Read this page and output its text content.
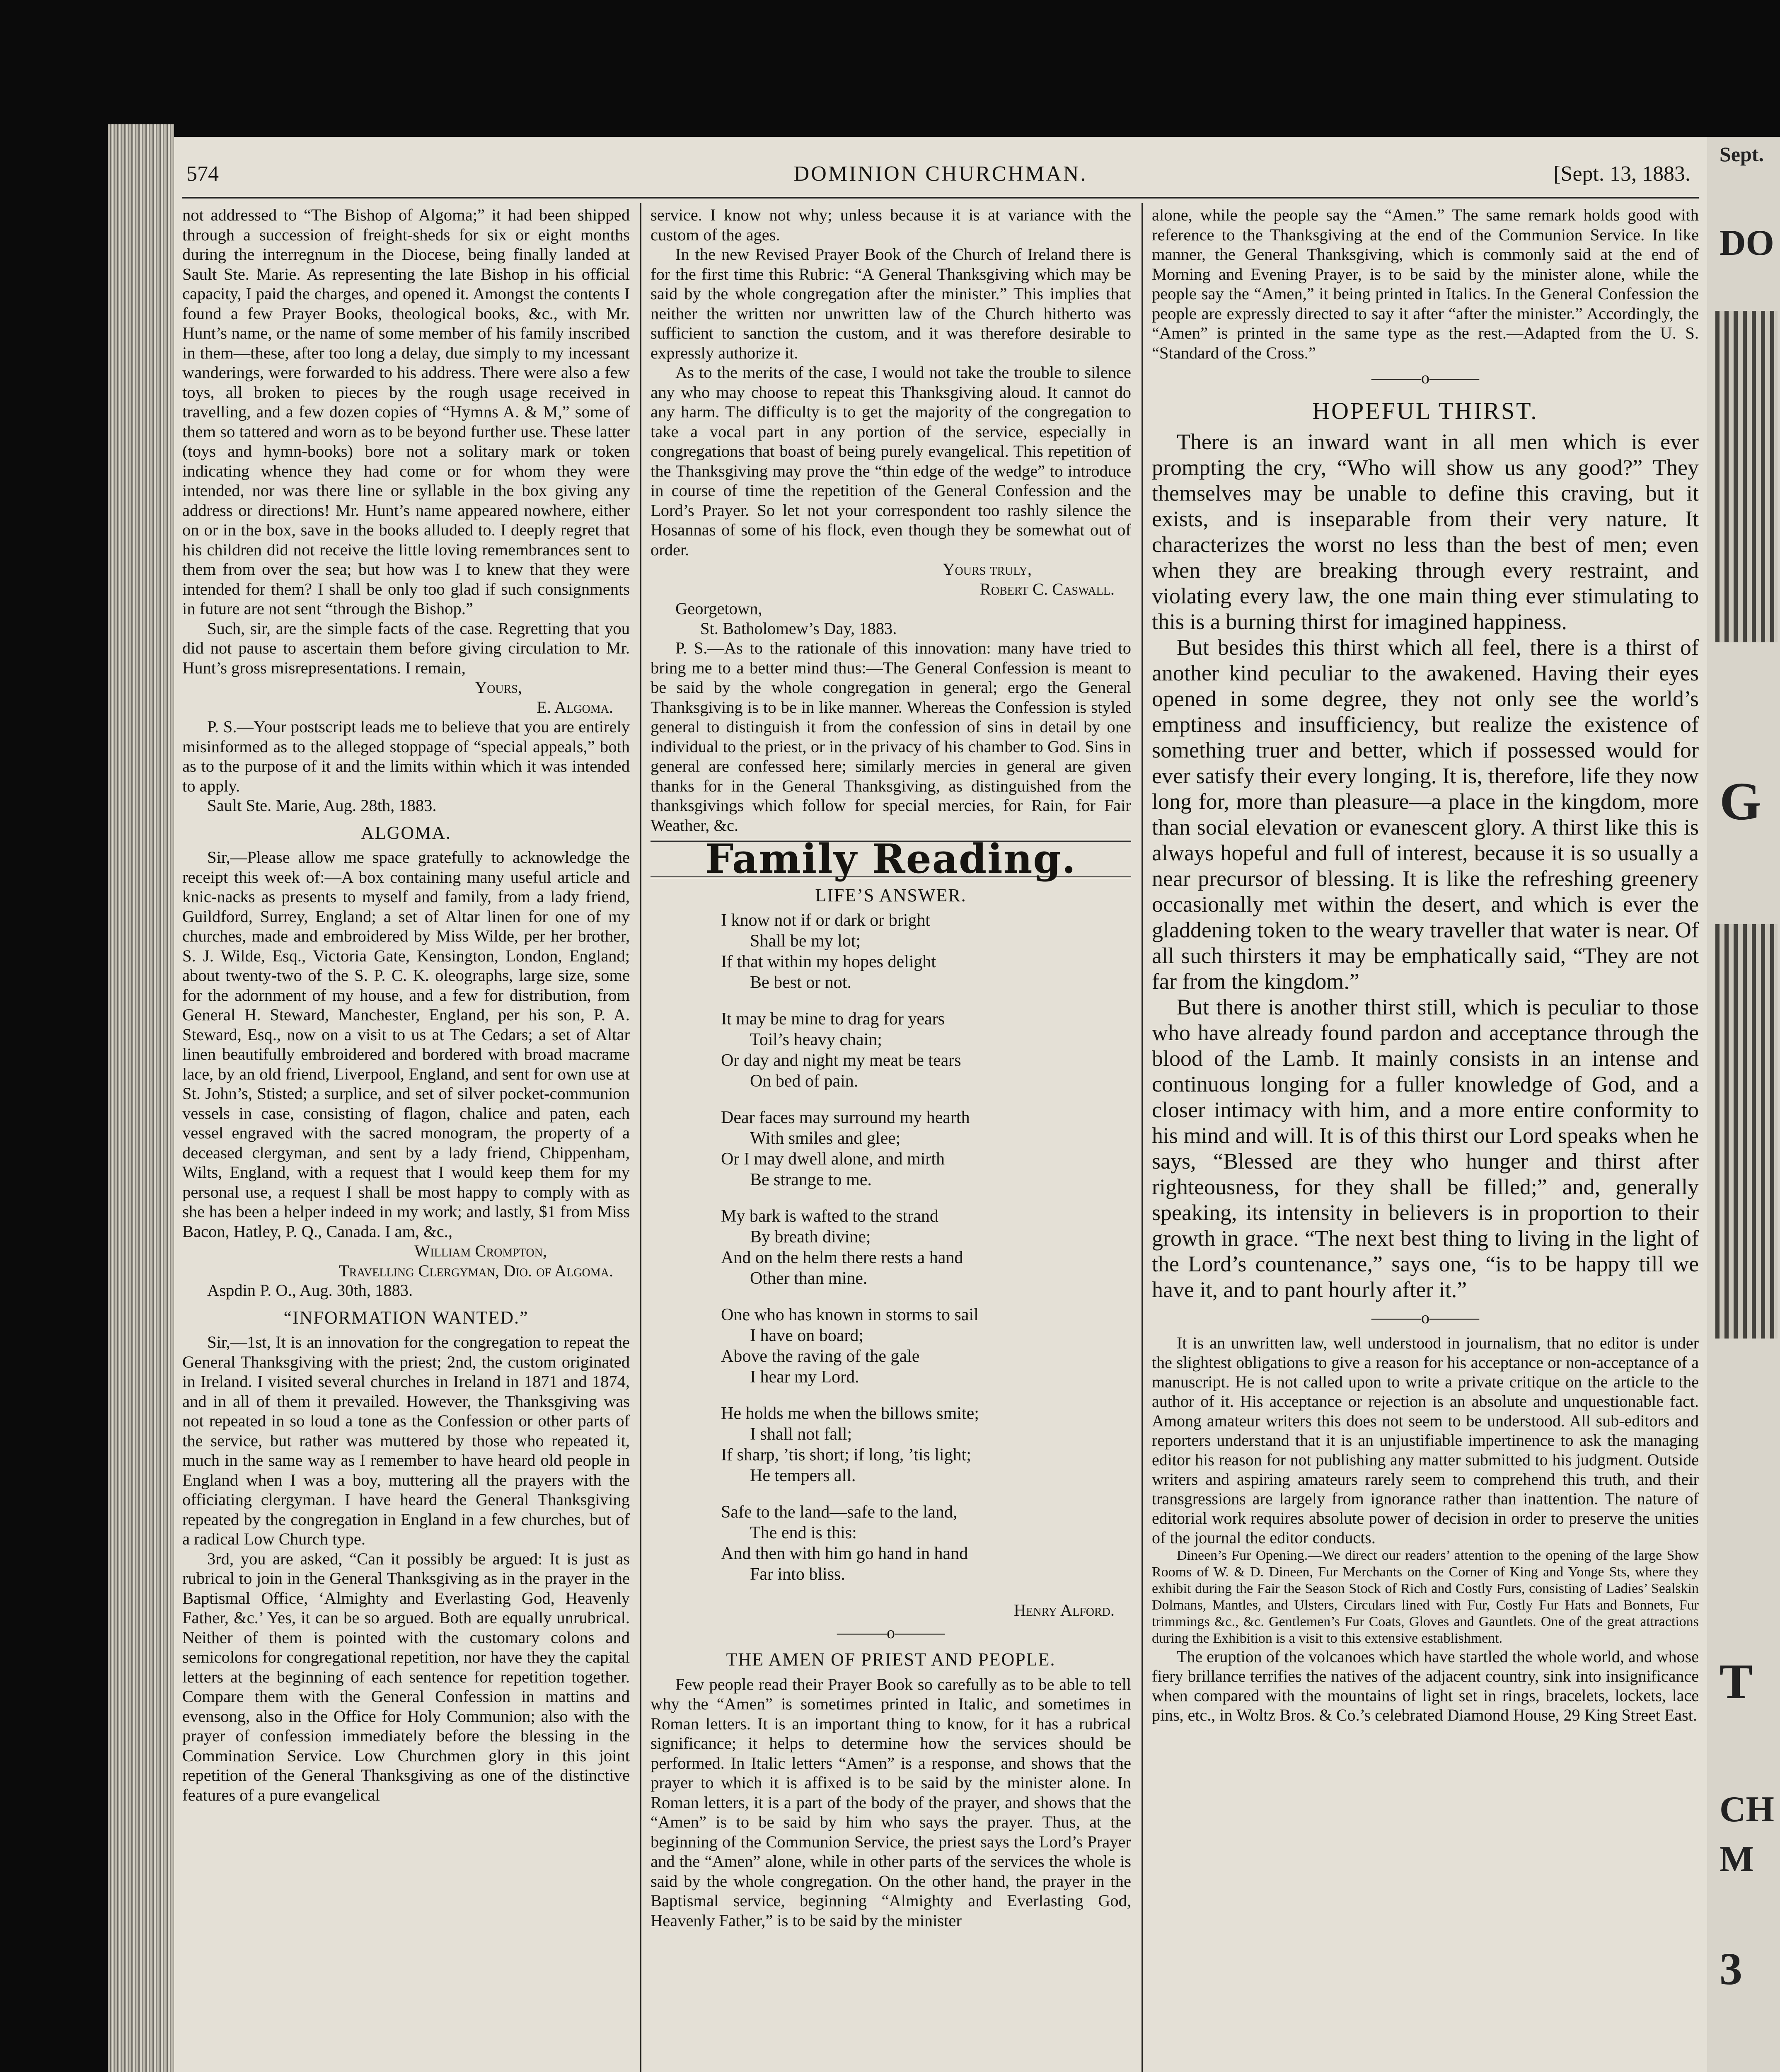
Sept.
DO
G
T
CH
M
3
574	DOMINION CHURCHMAN.	[Sept. 13, 1883.

not addressed to “The Bishop of Algoma;” it had been shipped through a succession of freight-sheds for six or eight months during the interregnum in the Diocese, being finally landed at Sault Ste. Marie. As representing the late Bishop in his official capacity, I paid the charges, and opened it. Amongst the contents I found a few Prayer Books, theological books, &c., with Mr. Hunt’s name, or the name of some member of his family inscribed in them—these, after too long a delay, due simply to my incessant wanderings, were forwarded to his address. There were also a few toys, all broken to pieces by the rough usage received in travelling, and a few dozen copies of “Hymns A. & M,” some of them so tattered and worn as to be beyond further use. These latter (toys and hymn-books) bore not a solitary mark or token indicating whence they had come or for whom they were intended, nor was there line or syllable in the box giving any address or directions! Mr. Hunt’s name appeared nowhere, either on or in the box, save in the books alluded to. I deeply regret that his children did not receive the little loving remembrances sent to them from over the sea; but how was I to knew that they were intended for them? I shall be only too glad if such consignments in future are not sent “through the Bishop.”

Such, sir, are the simple facts of the case. Regretting that you did not pause to ascertain them before giving circulation to Mr. Hunt’s gross misrepresentations. I remain,

Yours,
E. Algoma.

P. S.—Your postscript leads me to believe that you are entirely misinformed as to the alleged stoppage of “special appeals,” both as to the purpose of it and the limits within which it was intended to apply.

Sault Ste. Marie, Aug. 28th, 1883.

ALGOMA.

Sir,—Please allow me space gratefully to acknowledge the receipt this week of:—A box containing many useful article and knic-nacks as presents to myself and family, from a lady friend, Guildford, Surrey, England; a set of Altar linen for one of my churches, made and embroidered by Miss Wilde, per her brother, S. J. Wilde, Esq., Victoria Gate, Kensington, London, England; about twenty-two of the S. P. C. K. oleographs, large size, some for the adornment of my house, and a few for distribution, from General H. Steward, Manchester, England, per his son, P. A. Steward, Esq., now on a visit to us at The Cedars; a set of Altar linen beautifully embroidered and bordered with broad macrame lace, by an old friend, Liverpool, England, and sent for own use at St. John’s, Stisted; a surplice, and set of silver pocket-communion vessels in case, consisting of flagon, chalice and paten, each vessel engraved with the sacred monogram, the property of a deceased clergyman, and sent by a lady friend, Chippenham, Wilts, England, with a request that I would keep them for my personal use, a request I shall be most happy to comply with as she has been a helper indeed in my work; and lastly, $1 from Miss Bacon, Hatley, P. Q., Canada. I am, &c.,

William Crompton,
Travelling Clergyman, Dio. of Algoma.

Aspdin P. O., Aug. 30th, 1883.

“INFORMATION WANTED.”

Sir,—1st, It is an innovation for the congregation to repeat the General Thanksgiving with the priest; 2nd, the custom originated in Ireland. I visited several churches in Ireland in 1871 and 1874, and in all of them it prevailed. However, the Thanksgiving was not repeated in so loud a tone as the Confession or other parts of the service, but rather was muttered by those who repeated it, much in the same way as I remember to have heard old people in England when I was a boy, muttering all the prayers with the officiating clergyman. I have heard the General Thanksgiving repeated by the congregation in England in a few churches, but of a radical Low Church type.

3rd, you are asked, “Can it possibly be argued: It is just as rubrical to join in the General Thanksgiving as in the prayer in the Baptismal Office, ‘Almighty and Everlasting God, Heavenly Father, &c.’ Yes, it can be so argued. Both are equally unrubrical. Neither of them is pointed with the customary colons and semicolons for congregational repetition, nor have they the capital letters at the beginning of each sentence for repetition together. Compare them with the General Confession in mattins and evensong, also in the Office for Holy Communion; also with the prayer of confession immediately before the blessing in the Commination Service. Low Churchmen glory in this joint repetition of the General Thanksgiving as one of the distinctive features of a pure evangelical

service. I know not why; unless because it is at variance with the custom of the ages.

In the new Revised Prayer Book of the Church of Ireland there is for the first time this Rubric: “A General Thanksgiving which may be said by the whole congregation after the minister.” This implies that neither the written nor unwritten law of the Church hitherto was sufficient to sanction the custom, and it was therefore desirable to expressly authorize it.

As to the merits of the case, I would not take the trouble to silence any who may choose to repeat this Thanksgiving aloud. It cannot do any harm. The difficulty is to get the majority of the congregation to take a vocal part in any portion of the service, especially in congregations that boast of being purely evangelical. This repetition of the Thanksgiving may prove the “thin edge of the wedge” to introduce in course of time the repetition of the General Confession and the Lord’s Prayer. So let not your correspondent too rashly silence the Hosannas of some of his flock, even though they be somewhat out of order.

Yours truly,
Robert C. Caswall.

Georgetown,

St. Batholomew’s Day, 1883.

P. S.—As to the rationale of this innovation: many have tried to bring me to a better mind thus:—The General Confession is meant to be said by the whole congregation in general; ergo the General Thanksgiving is to be in like manner. Whereas the Confession is styled general to distinguish it from the confession of sins in detail by one individual to the priest, or in the privacy of his chamber to God. Sins in general are confessed here; similarly mercies in general are given thanks for in the General Thanksgiving, as distinguished from the thanksgivings which follow for special mercies, for Rain, for Fair Weather, &c.

Family Reading.
LIFE’S ANSWER.
I know not if or dark or bright
Shall be my lot;
If that within my hopes delight
Be best or not.
It may be mine to drag for years
Toil’s heavy chain;
Or day and night my meat be tears
On bed of pain.
Dear faces may surround my hearth
With smiles and glee;
Or I may dwell alone, and mirth
Be strange to me.
My bark is wafted to the strand
By breath divine;
And on the helm there rests a hand
Other than mine.
One who has known in storms to sail
I have on board;
Above the raving of the gale
I hear my Lord.
He holds me when the billows smite;
I shall not fall;
If sharp, ’tis short; if long, ’tis light;
He tempers all.
Safe to the land—safe to the land,
The end is this:
And then with him go hand in hand
Far into bliss.
Henry Alford.
———o———
THE AMEN OF PRIEST AND PEOPLE.

Few people read their Prayer Book so carefully as to be able to tell why the “Amen” is sometimes printed in Italic, and sometimes in Roman letters. It is an important thing to know, for it has a rubrical significance; it helps to determine how the services should be performed. In Italic letters “Amen” is a response, and shows that the prayer to which it is affixed is to be said by the minister alone. In Roman letters, it is a part of the body of the prayer, and shows that the “Amen” is to be said by him who says the prayer. Thus, at the beginning of the Communion Service, the priest says the Lord’s Prayer and the “Amen” alone, while in other parts of the services the whole is said by the whole congregation. On the other hand, the prayer in the Baptismal service, beginning “Almighty and Everlasting God, Heavenly Father,” is to be said by the minister

alone, while the people say the “Amen.” The same remark holds good with reference to the Thanksgiving at the end of the Communion Service. In like manner, the General Thanksgiving, which is commonly said at the end of Morning and Evening Prayer, is to be said by the minister alone, while the people say the “Amen,” it being printed in Italics. In the General Confession the people are expressly directed to say it after “after the minister.” Accordingly, the “Amen” is printed in the same type as the rest.—Adapted from the U. S. “Standard of the Cross.”

———o———
HOPEFUL THIRST.

There is an inward want in all men which is ever prompting the cry, “Who will show us any good?” They themselves may be unable to define this craving, but it exists, and is inseparable from their very nature. It characterizes the worst no less than the best of men; even when they are breaking through every restraint, and violating every law, the one main thing ever stimulating to this is a burning thirst for imagined happiness.

But besides this thirst which all feel, there is a thirst of another kind peculiar to the awakened. Having their eyes opened in some degree, they not only see the world’s emptiness and insufficiency, but realize the existence of something truer and better, which if possessed would for ever satisfy their every longing. It is, therefore, life they now long for, more than pleasure—a place in the kingdom, more than social elevation or evanescent glory. A thirst like this is always hopeful and full of interest, because it is so usually a near precursor of blessing. It is like the refreshing greenery occasionally met within the desert, and which is ever the gladdening token to the weary traveller that water is near. Of all such thirsters it may be emphatically said, “They are not far from the kingdom.”

But there is another thirst still, which is peculiar to those who have already found pardon and acceptance through the blood of the Lamb. It mainly consists in an intense and continuous longing for a fuller knowledge of God, and a closer intimacy with him, and a more entire conformity to his mind and will. It is of this thirst our Lord speaks when he says, “Blessed are they who hunger and thirst after righteousness, for they shall be filled;” and, generally speaking, its intensity in believers is in proportion to their growth in grace. “The next best thing to living in the light of the Lord’s countenance,” says one, “is to be happy till we have it, and to pant hourly after it.”

———o———

It is an unwritten law, well understood in journalism, that no editor is under the slightest obligations to give a reason for his acceptance or non-acceptance of a manuscript. He is not called upon to write a private critique on the article to the author of it. His acceptance or rejection is an absolute and unquestionable fact. Among amateur writers this does not seem to be understood. All sub-editors and reporters understand that it is an unjustifiable impertinence to ask the managing editor his reason for not publishing any matter submitted to his judgment. Outside writers and aspiring amateurs rarely seem to comprehend this truth, and their transgressions are largely from ignorance rather than inattention. The nature of editorial work requires absolute power of decision in order to preserve the unities of the journal the editor conducts.

Dineen’s Fur Opening.—We direct our readers’ attention to the opening of the large Show Rooms of W. & D. Dineen, Fur Merchants on the Corner of King and Yonge Sts, where they exhibit during the Fair the Season Stock of Rich and Costly Furs, consisting of Ladies’ Sealskin Dolmans, Mantles, and Ulsters, Circulars lined with Fur, Costly Fur Hats and Bonnets, Fur trimmings &c., &c. Gentlemen’s Fur Coats, Gloves and Gauntlets. One of the great attractions during the Exhibition is a visit to this extensive establishment.

The eruption of the volcanoes which have startled the whole world, and whose fiery brillance terrifies the natives of the adjacent country, sink into insignificance when compared with the mountains of light set in rings, bracelets, lockets, lace pins, etc., in Woltz Bros. & Co.’s celebrated Diamond House, 29 King Street East.
